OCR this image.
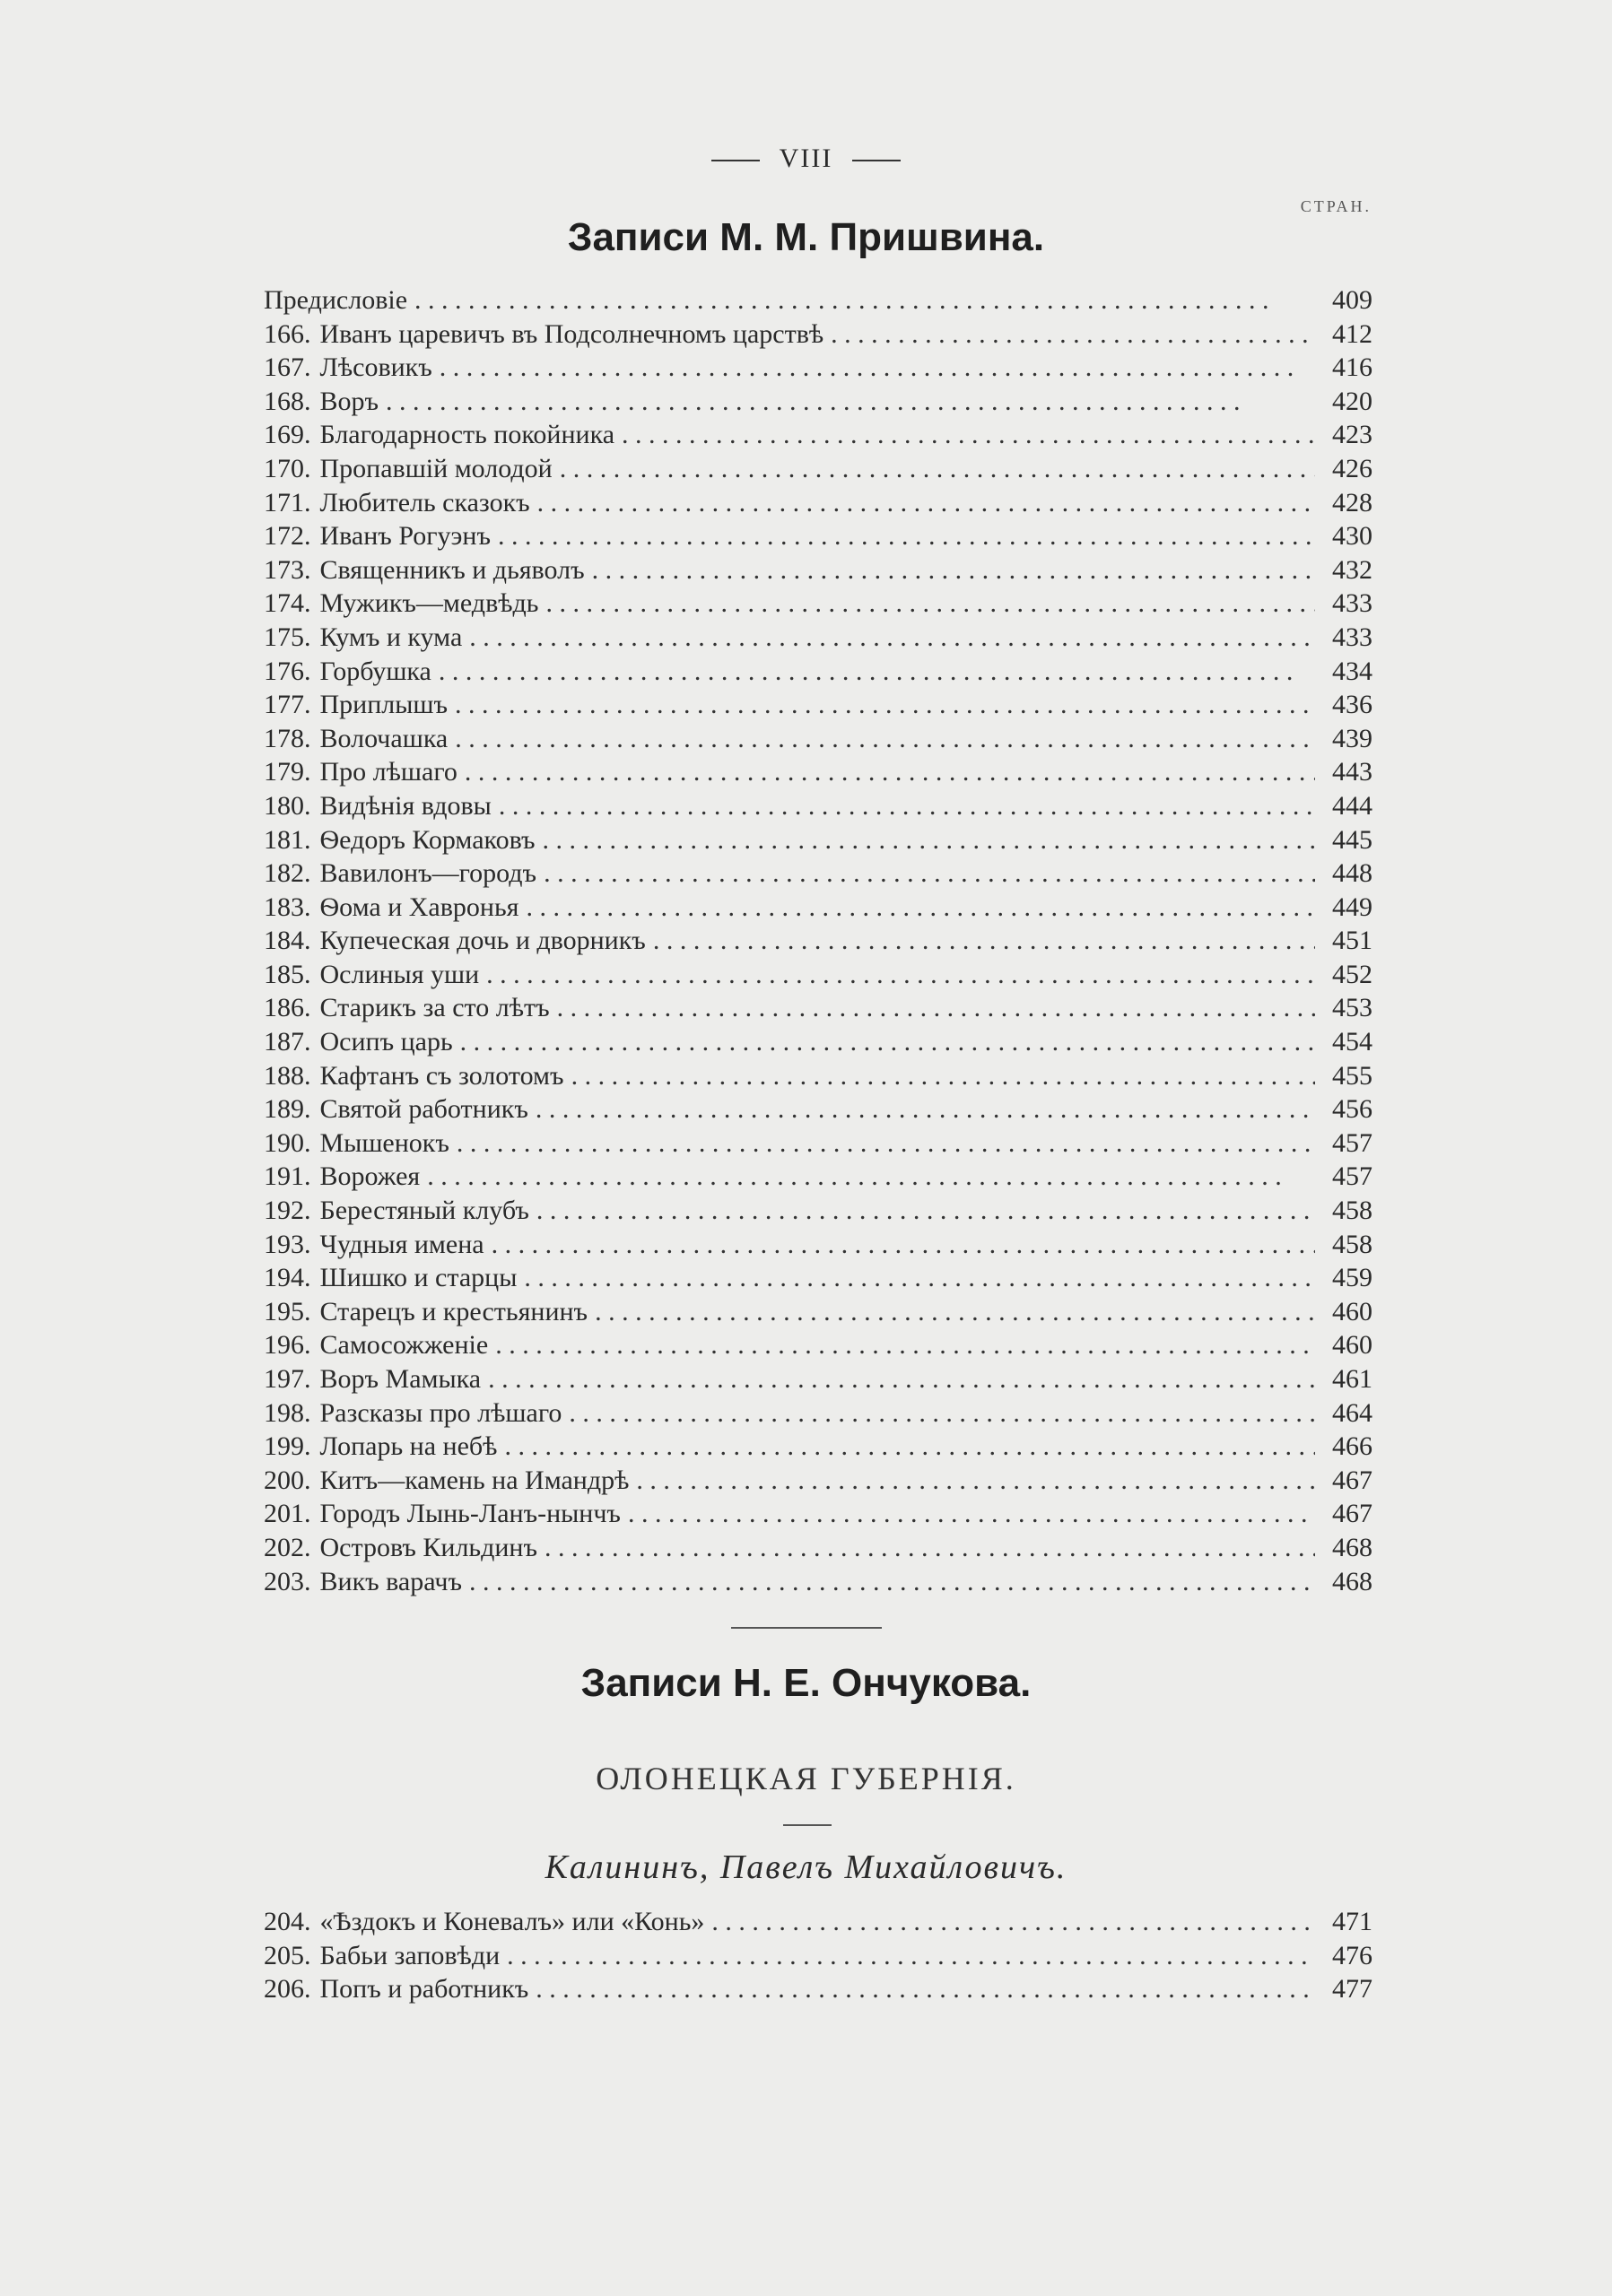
VIII
СТРАН.
Записи М. М. Пришвина.
Предисловіе . . .	409
166. Иванъ царевичъ въ Подсолнечномъ царствѣ . . .	412
167. Лѣсовикъ . . .	416
168. Воръ . . .	420
169. Благодарность покойника . . .	423
170. Пропавшій молодой . . .	426
171. Любитель сказокъ . . .	428
172. Иванъ Рогуэнъ . . .	430
173. Священникъ и дьяволъ . . .	432
174. Мужикъ—медвѣдь . . .	433
175. Кумъ и кума . . .	433
176. Горбушка . . .	434
177. Приплышъ . . .	436
178. Волочашка . . .	439
179. Про лѣшаго . . .	443
180. Видѣнія вдовы . . .	444
181. Ѳедоръ Кормаковъ . . .	445
182. Вавилонъ—городъ . . .	448
183. Ѳома и Хавронья . . .	449
184. Купеческая дочь и дворникъ . . .	451
185. Ослиныя уши . . .	452
186. Старикъ за сто лѣтъ . . .	453
187. Осипъ царь . . .	454
188. Кафтанъ съ золотомъ . . .	455
189. Святой работникъ . . .	456
190. Мышенокъ . . .	457
191. Ворожея . . .	457
192. Берестяный клубъ . . .	458
193. Чудныя имена . . .	458
194. Шишко и старцы . . .	459
195. Старецъ и крестьянинъ . . .	460
196. Самосожженіе . . .	460
197. Воръ Мамыка . . .	461
198. Разсказы про лѣшаго . . .	464
199. Лопарь на небѣ . . .	466
200. Китъ—камень на Имандрѣ . . .	467
201. Городъ Лынь-Ланъ-нынчъ . . .	467
202. Островъ Кильдинъ . . .	468
203. Викъ варачъ . . .	468
Записи Н. Е. Ончукова.
ОЛОНЕЦКАЯ ГУБЕРНІЯ.
Калининъ, Павелъ Михайловичъ.
204. «Ѣздокъ и Коневалъ» или «Конь» . . .	471
205. Бабьи заповѣди . . .	476
206. Попъ и работникъ . . .	477
